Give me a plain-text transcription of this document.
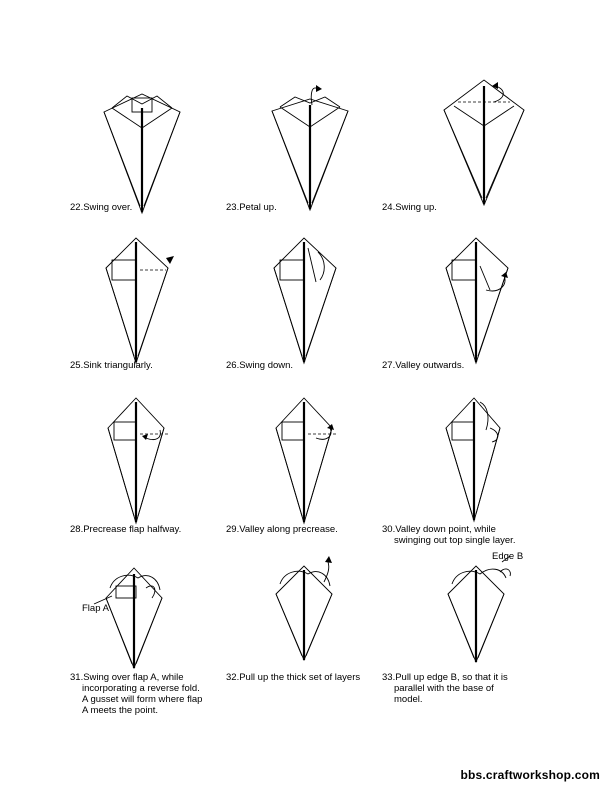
22.Swing over.	23.Petal up.	24.Swing up.
25.Sink triangularly.	26.Swing down.	27.Valley outwards.
28.Precrease flap halfway.	29.Valley along precrease.	30.Valley down point, while
swinging out top single layer.
Flap A
31.Swing over flap A, while
incorporating a reverse fold.
A gusset will form where flap
A meets the point.
32.Pull up the thick set of layers
Edge B
33.Pull up edge B, so that it is
parallel with the base of
model.
bbs.craftworkshop.com
